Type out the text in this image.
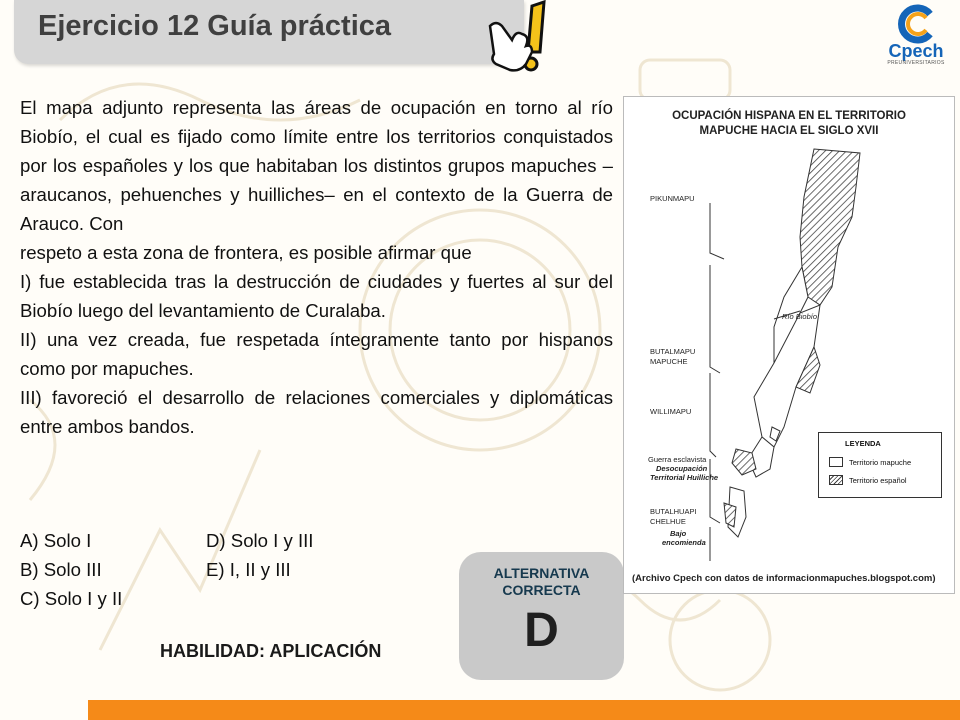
Ejercicio 12 Guía práctica
Cpech
PREUNIVERSITARIOS

El mapa adjunto representa las áreas de ocupación en torno al río Biobío, el cual es fijado como límite entre los territorios conquistados por los españoles y los que habitaban los distintos grupos mapuches –araucanos, pehuenches y huilliches– en el contexto de la Guerra de Arauco. Con

respeto a esta zona de frontera, es posible afirmar que

I) fue establecida tras la destrucción de ciudades y fuertes al sur del Biobío luego del levantamiento de Curalaba.

II) una vez creada, fue respetada íntegramente tanto por hispanos como por mapuches.

III) favoreció el desarrollo de relaciones comerciales y diplomáticas entre ambos bandos.

A) Solo I	D) Solo I y III
B) Solo III	E) I, II y III
C) Solo I y II
HABILIDAD: APLICACIÓN
ALTERNATIVA
CORRECTA
D
OCUPACIÓN HISPANA EN EL TERRITORIO
MAPUCHE HACIA EL SIGLO XVII
PIKUNMAPU
Río Biobío
BUTALMAPU
MAPUCHE
WILLIMAPU
Guerra esclavista
Desocupación
Territorial Huilliche
BUTALHUAPI
CHELHUE
Bajo
encomienda
LEYENDA
Territorio mapuche
Territorio español
(Archivo Cpech con datos de informacionmapuches.blogspot.com)
